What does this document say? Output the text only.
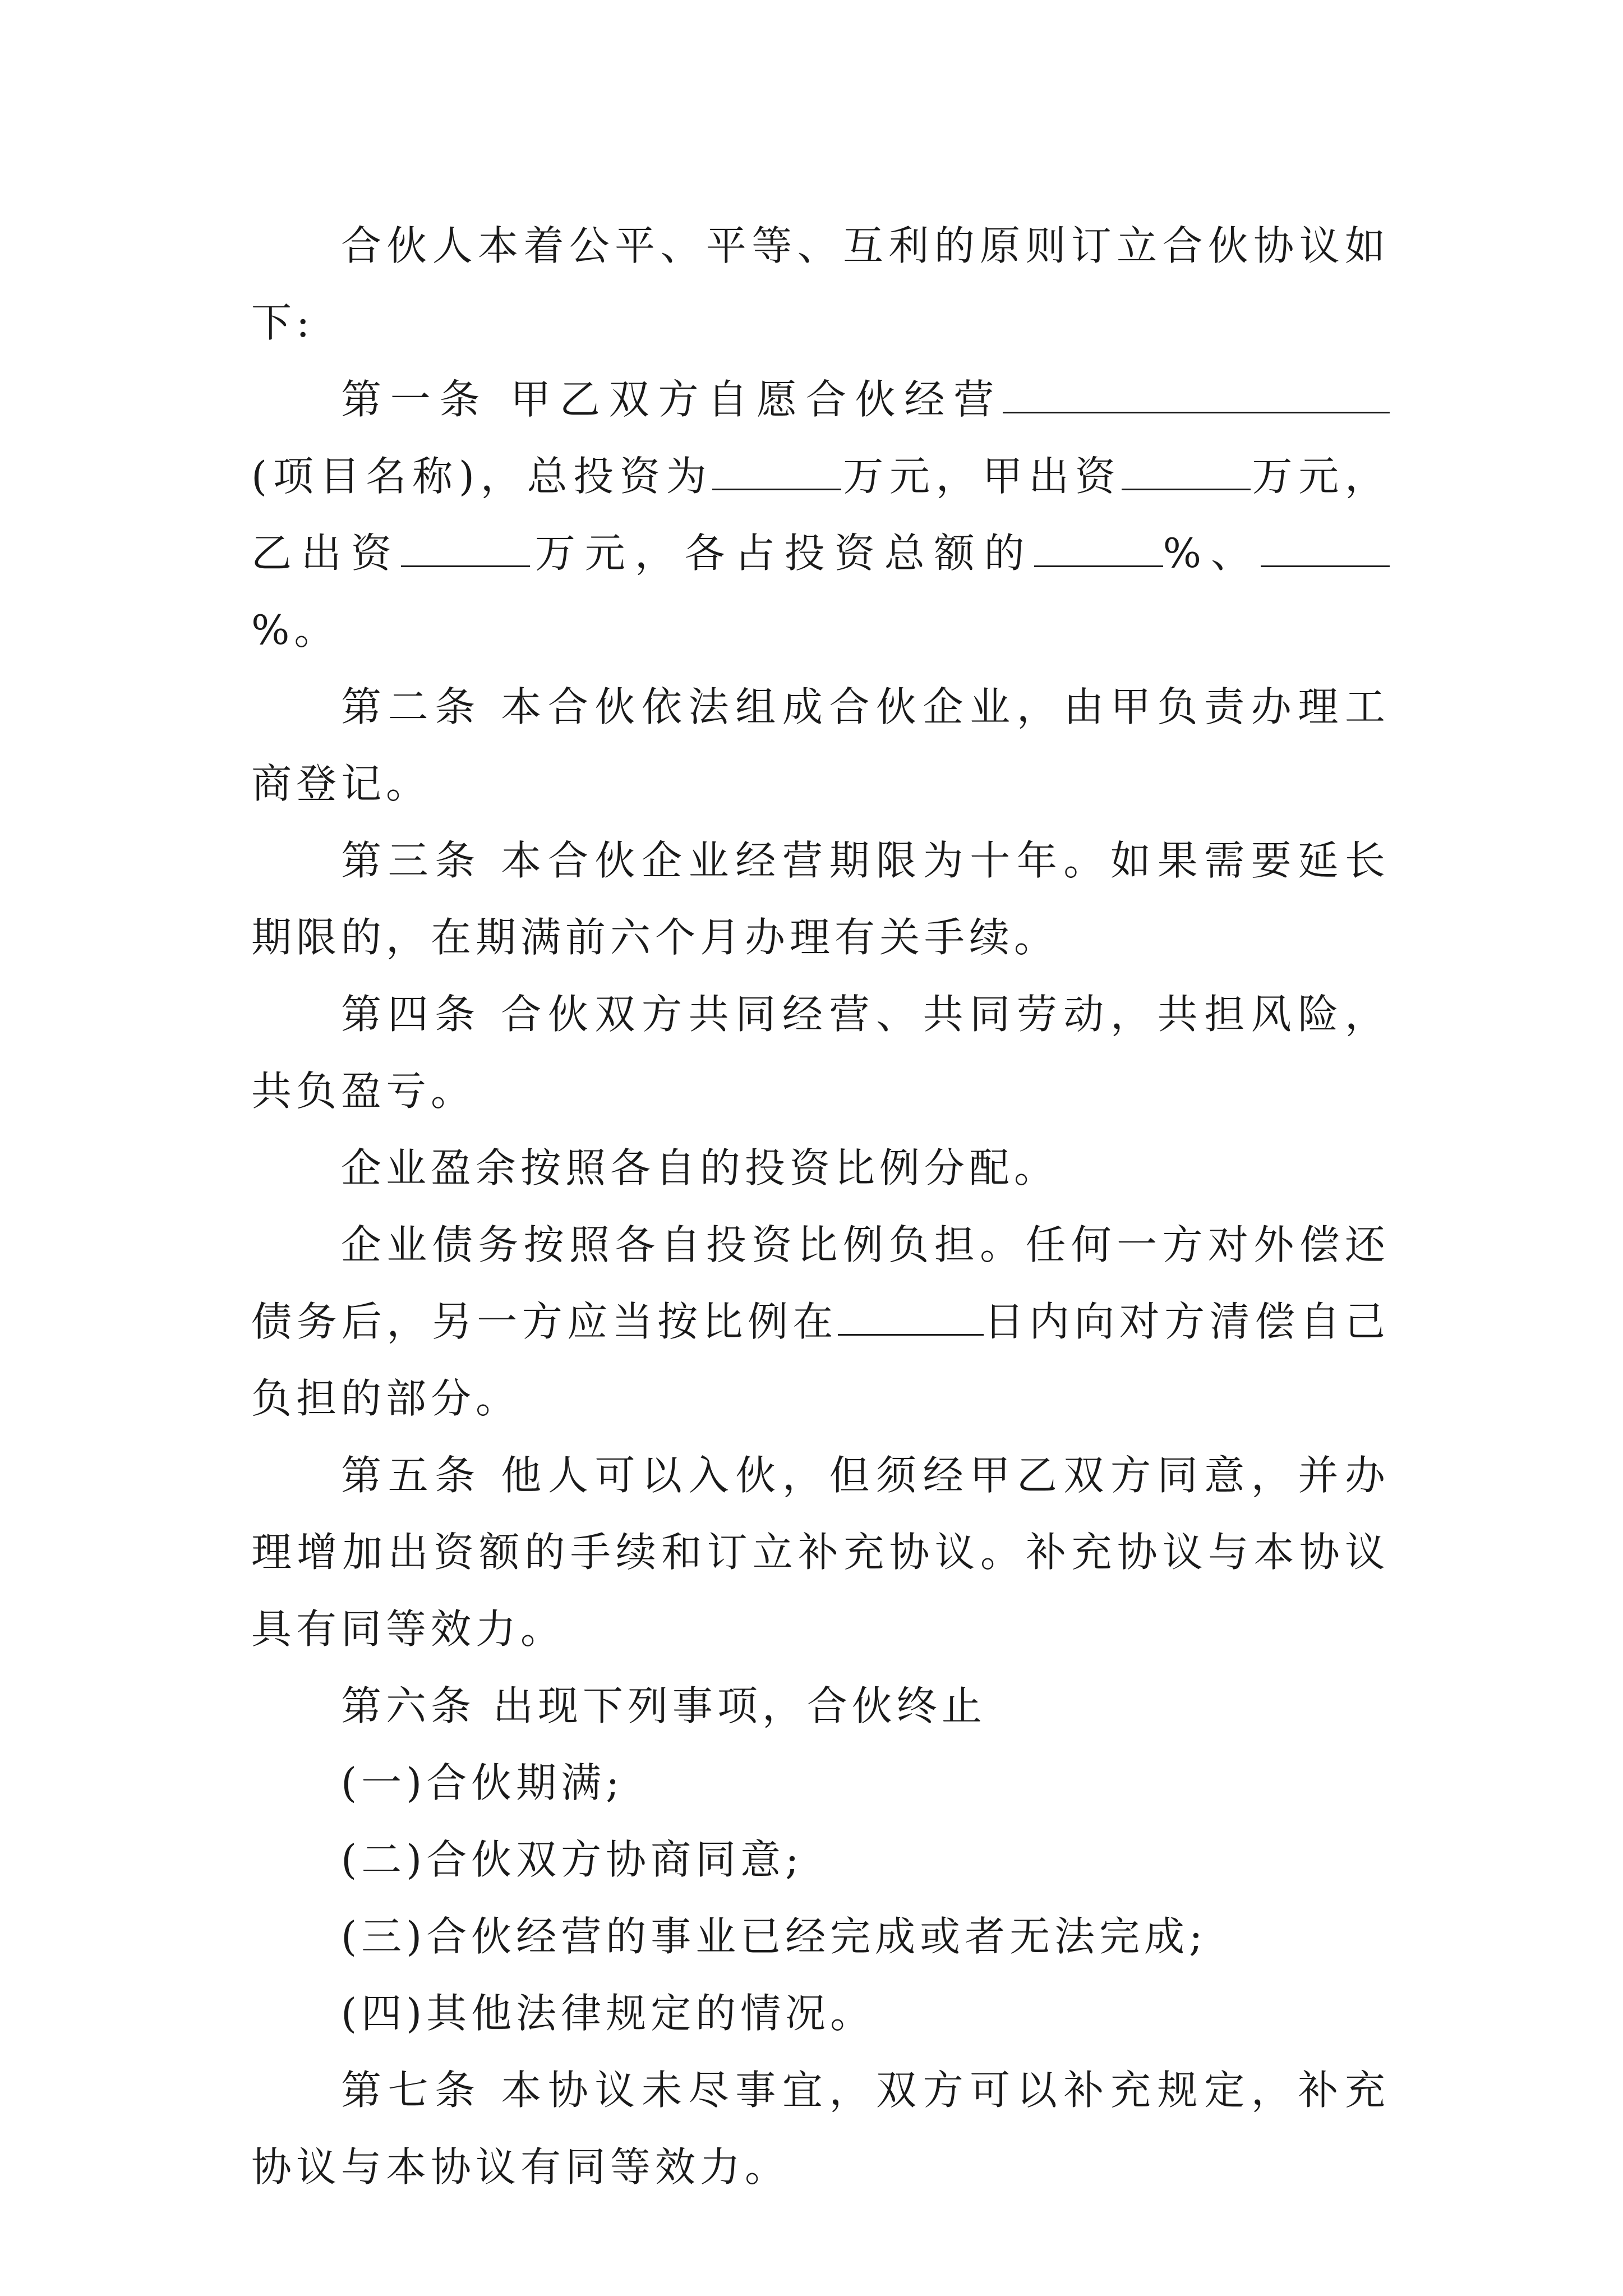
合伙人本着公平、平等、互利的原则订立合伙协议如下:

第一条 甲乙双方自愿合伙经营(项目名称)，总投资为	万元，甲出资	万元，乙出资	万元，各占投资总额的	%、%。

第二条 本合伙依法组成合伙企业，由甲负责办理工商登记。

第三条 本合伙企业经营期限为十年。如果需要延长期限的，在期满前六个月办理有关手续。

第四条 合伙双方共同经营、共同劳动，共担风险，共负盈亏。

企业盈余按照各自的投资比例分配。

企业债务按照各自投资比例负担。任何一方对外偿还债务后，另一方应当按比例在	日内向对方清偿自己负担的部分。

第五条 他人可以入伙，但须经甲乙双方同意，并办理增加出资额的手续和订立补充协议。补充协议与本协议具有同等效力。

第六条 出现下列事项，合伙终止

(一)合伙期满;

(二)合伙双方协商同意;

(三)合伙经营的事业已经完成或者无法完成;

(四)其他法律规定的情况。

第七条 本协议未尽事宜，双方可以补充规定，补充协议与本协议有同等效力。
